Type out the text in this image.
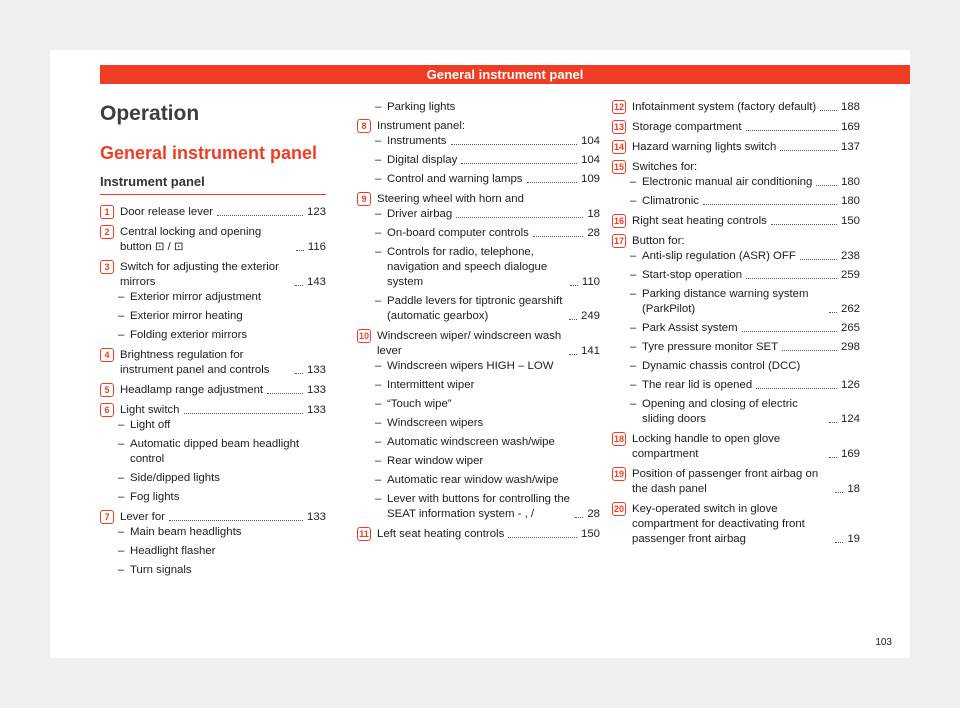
General instrument panel
Operation
General instrument panel
Instrument panel
1 Door release lever	123
2 Central locking and opening button ⊡ / ⊡	116
3 Switch for adjusting the exterior mirrors	143
– Exterior mirror adjustment
– Exterior mirror heating
– Folding exterior mirrors
4 Brightness regulation for instrument panel and controls	133
5 Headlamp range adjustment	133
6 Light switch	133
– Light off
– Automatic dipped beam headlight control
– Side/dipped lights
– Fog lights
7 Lever for	133
– Main beam headlights
– Headlight flasher
– Turn signals
– Parking lights
8 Instrument panel:
– Instruments	104
– Digital display	104
– Control and warning lamps	109
9 Steering wheel with horn and
– Driver airbag	18
– On-board computer controls	28
– Controls for radio, telephone, navigation and speech dialogue system	110
– Paddle levers for tiptronic gearshift (automatic gearbox)	249
10 Windscreen wiper/ windscreen wash lever	141
– Windscreen wipers HIGH – LOW
– Intermittent wiper
– “Touch wipe”
– Windscreen wipers
– Automatic windscreen wash/wipe
– Rear window wiper
– Automatic rear window wash/wipe
– Lever with buttons for controlling the SEAT information system - , /	28
11 Left seat heating controls	150
12 Infotainment system (factory default) 188
13 Storage compartment	169
14 Hazard warning lights switch	137
15 Switches for:
– Electronic manual air conditioning	180
– Climatronic	180
16 Right seat heating controls	150
17 Button for:
– Anti-slip regulation (ASR) OFF	238
– Start-stop operation	259
– Parking distance warning system (ParkPilot)	262
– Park Assist system	265
– Tyre pressure monitor SET	298
– Dynamic chassis control (DCC)
– The rear lid is opened	126
– Opening and closing of electric sliding doors	124
18 Locking handle to open glove compartment	169
19 Position of passenger front airbag on the dash panel	18
20 Key-operated switch in glove compartment for deactivating front passenger front airbag	19
103
